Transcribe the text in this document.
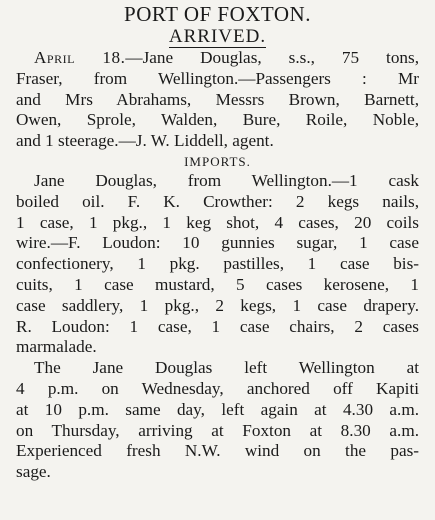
PORT OF FOXTON.
ARRIVED.
April 18.—Jane Douglas, s.s., 75 tons,
Fraser, from Wellington.—Passengers : Mr
and Mrs Abrahams, Messrs Brown, Barnett,
Owen, Sprole, Walden, Bure, Roile, Noble,
and 1 steerage.—J. W. Liddell, agent.
IMPORTS.
Jane Douglas, from Wellington.—1 cask
boiled oil. F. K. Crowther: 2 kegs nails,
1 case, 1 pkg., 1 keg shot, 4 cases, 20 coils
wire.—F. Loudon: 10 gunnies sugar, 1 case
confectionery, 1 pkg. pastilles, 1 case bis-
cuits, 1 case mustard, 5 cases kerosene, 1
case saddlery, 1 pkg., 2 kegs, 1 case drapery.
R. Loudon: 1 case, 1 case chairs, 2 cases
marmalade.
The Jane Douglas left Wellington at
4 p.m. on Wednesday, anchored off Kapiti
at 10 p.m. same day, left again at 4.30 a.m.
on Thursday, arriving at Foxton at 8.30 a.m.
Experienced fresh N.W. wind on the pas-
sage.
